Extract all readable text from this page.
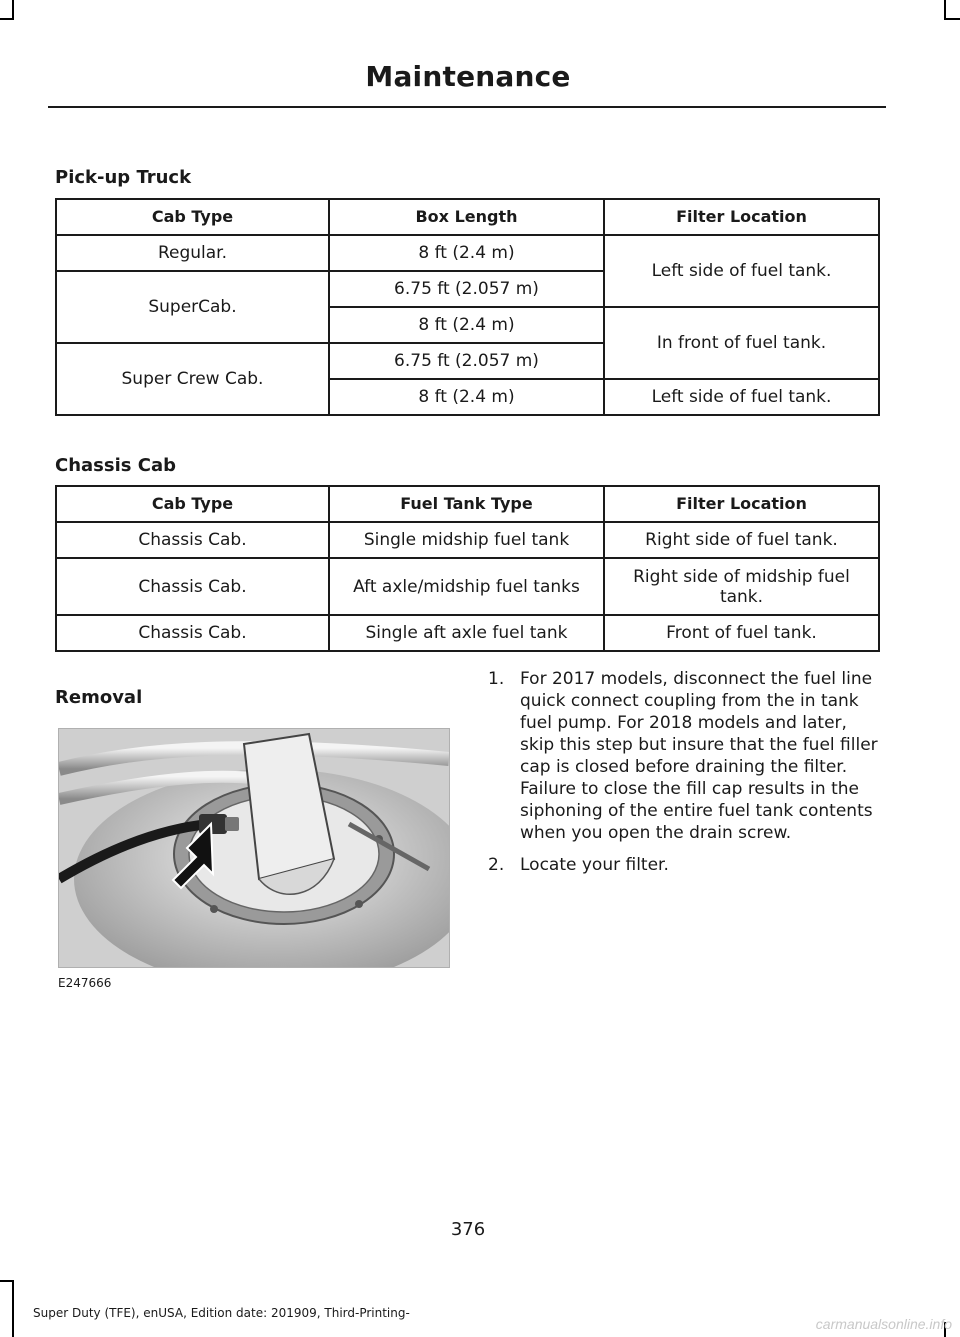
Maintenance
Pick-up Truck
Cab Type	Box Length	Filter Location
Regular.	8 ft (2.4 m)	Left side of fuel tank.
SuperCab.	6.75 ft (2.057 m)	
	8 ft (2.4 m)	In front of fuel tank.
Super Crew Cab.	6.75 ft (2.057 m)	
	8 ft (2.4 m)	Left side of fuel tank.
Chassis Cab
Cab Type	Fuel Tank Type	Filter Location
Chassis Cab.	Single midship fuel tank	Right side of fuel tank.
Chassis Cab.	Aft axle/midship fuel tanks	Right side of midship fuel tank.
Chassis Cab.	Single aft axle fuel tank	Front of fuel tank.
Removal
E247666
1. For 2017 models, disconnect the fuel line quick connect coupling from the in tank fuel pump. For 2018 models and later, skip this step but insure that the fuel filler cap is closed before draining the filter. Failure to close the fill cap results in the siphoning of the entire fuel tank contents when you open the drain screw.
2. Locate your filter.
376
Super Duty (TFE), enUSA, Edition date: 201909, Third-Printing-
carmanualsonline.info
